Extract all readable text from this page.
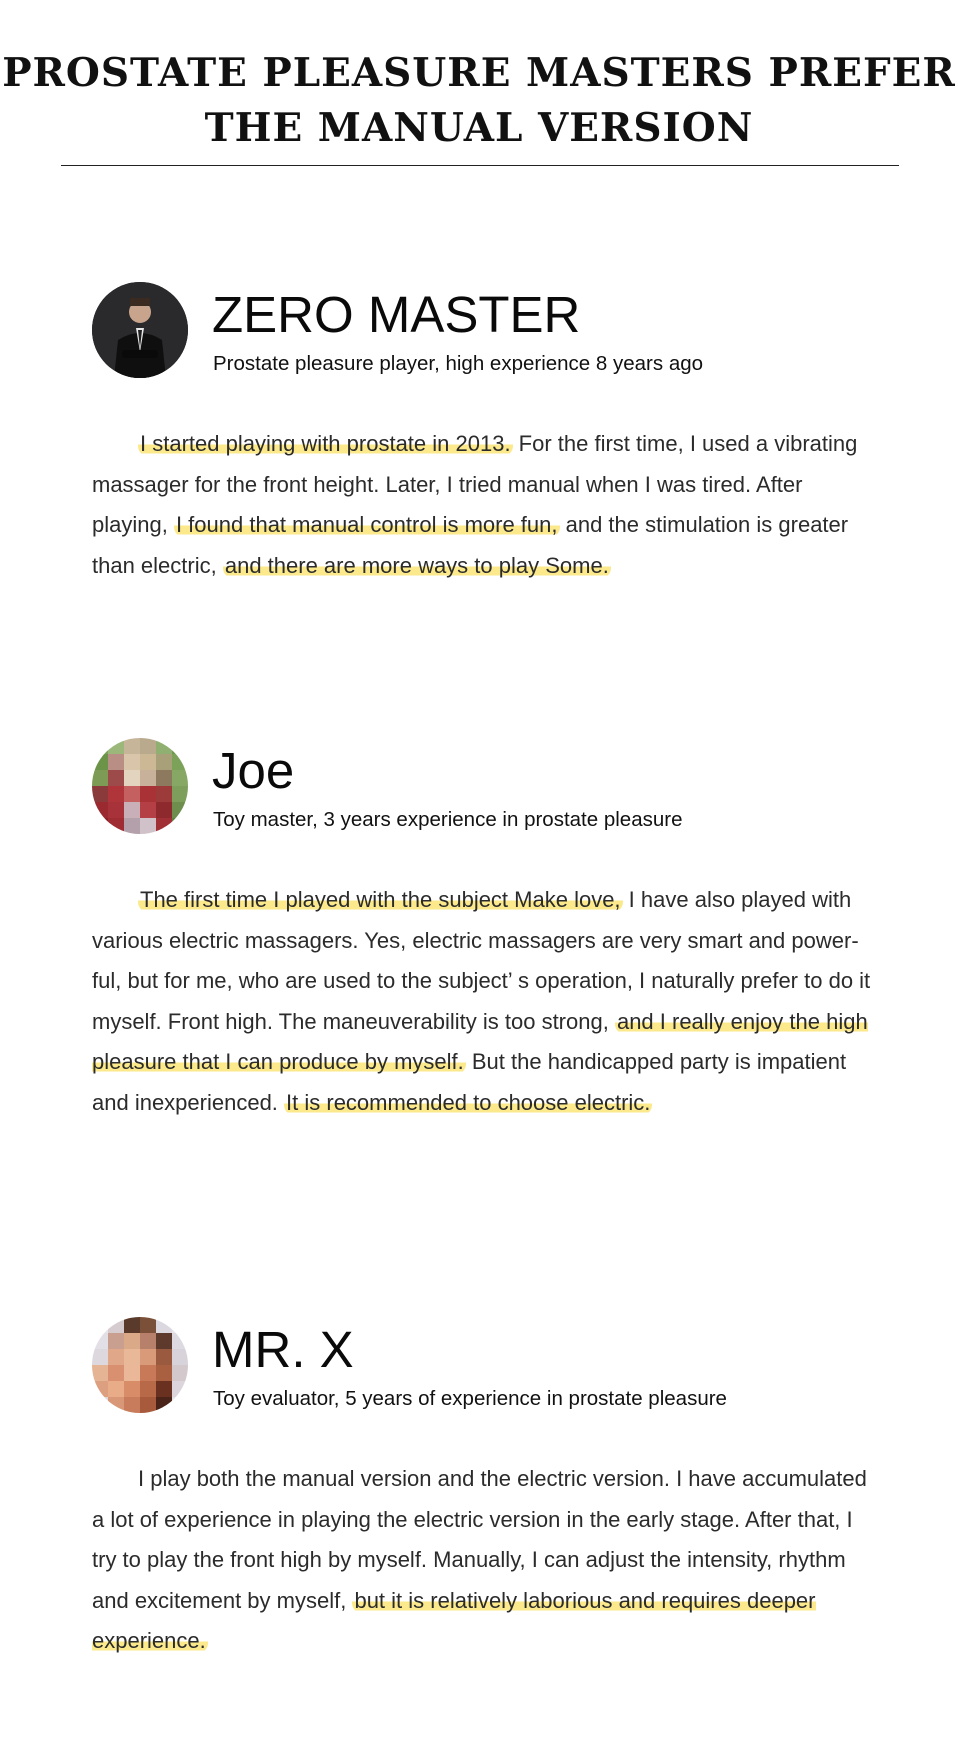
PROSTATE PLEASURE MASTERS PREFER THE MANUAL VERSION
ZERO MASTER
Prostate pleasure player, high experience 8 years ago

I started playing with prostate in 2013. For the first time, I used a vibrating massager for the front height. Later, I tried manual when I was tired. After playing, I found that manual control is more fun, and the stimulation is greater than electric, and there are more ways to play Some.

Joe
Toy master, 3 years experience in prostate pleasure

The first time I played with the subject Make love, I have also played with various electric massagers. Yes, electric massagers are very smart and powerful, but for me, who are used to the subject’ s operation, I naturally prefer to do it myself. Front high. The maneuverability is too strong, and I really enjoy the high pleasure that I can produce by myself. But the handicapped party is impatient and inexperienced. It is recommended to choose electric.

MR. X
Toy evaluator, 5 years of experience in prostate pleasure

I play both the manual version and the electric version. I have accumulated a lot of experience in playing the electric version in the early stage. After that, I try to play the front high by myself. Manually, I can adjust the intensity, rhythm and excitement by myself, but it is relatively laborious and requires deeper experience.
